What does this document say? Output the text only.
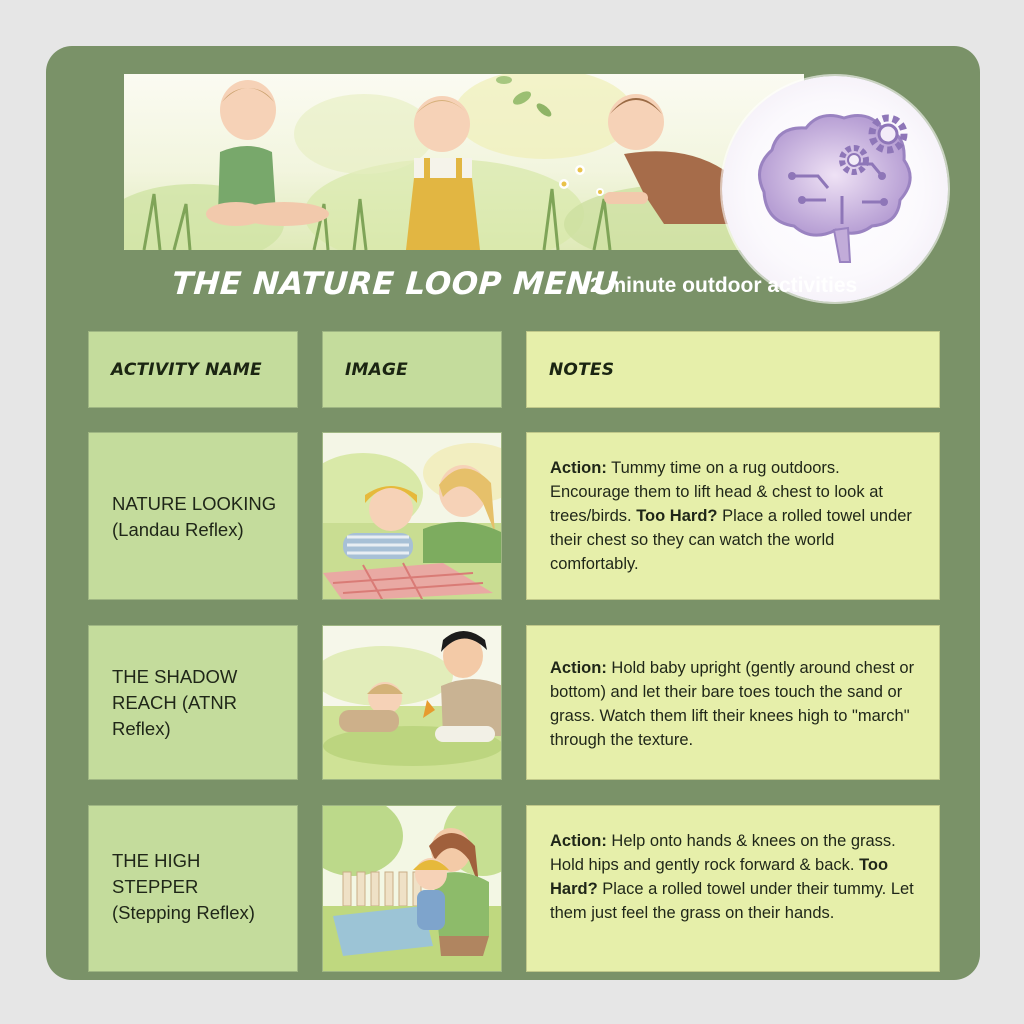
THE NATURE LOOP MENU
2 minute outdoor activities
ACTIVITY NAME	IMAGE	NOTES
NATURE LOOKING
(Landau Reflex)
Action: Tummy time on a rug outdoors. Encourage them to lift head & chest to look at trees/birds. Too Hard? Place a rolled towel under their chest so they can watch the world comfortably.
THE SHADOW
REACH (ATNR
Reflex)
Action: Hold baby upright (gently around chest or bottom) and let their bare toes touch the sand or grass. Watch them lift their knees high to "march" through the texture.
THE HIGH
STEPPER
(Stepping Reflex)
Action: Help onto hands & knees on the grass. Hold hips and gently rock forward & back. Too Hard? Place a rolled towel under their tummy. Let them just feel the grass on their hands.
